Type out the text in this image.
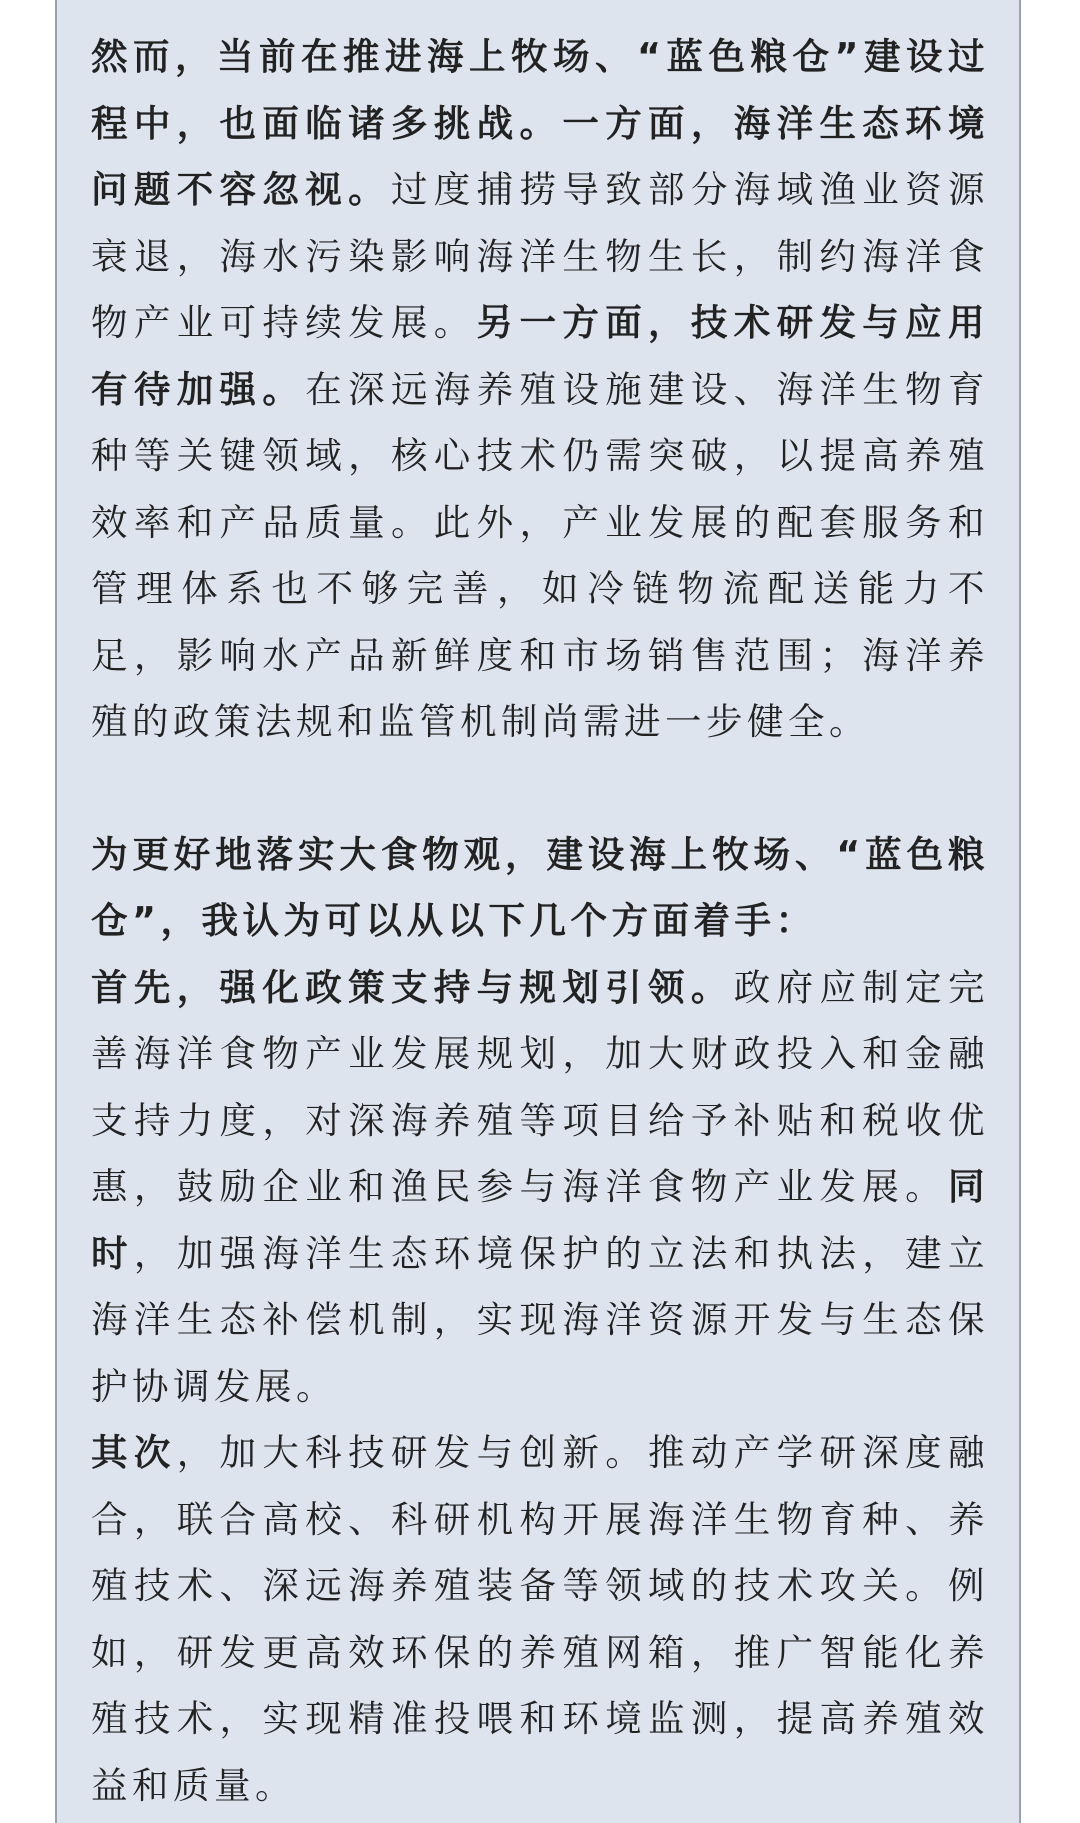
然而，当前在推进海上牧场、“蓝色粮仓”建设过程中，也面临诸多挑战。一方面，海洋生态环境问题不容忽视。过度捕捞导致部分海域渔业资源衰退，海水污染影响海洋生物生长，制约海洋食物产业可持续发展。另一方面，技术研发与应用有待加强。在深远海养殖设施建设、海洋生物育种等关键领域，核心技术仍需突破，以提高养殖效率和产品质量。此外，产业发展的配套服务和管理体系也不够完善，如冷链物流配送能力不足，影响水产品新鲜度和市场销售范围；海洋养殖的政策法规和监管机制尚需进一步健全。

为更好地落实大食物观，建设海上牧场、“蓝色粮仓”，我认为可以从以下几个方面着手：

首先，强化政策支持与规划引领。政府应制定完善海洋食物产业发展规划，加大财政投入和金融支持力度，对深海养殖等项目给予补贴和税收优惠，鼓励企业和渔民参与海洋食物产业发展。同时，加强海洋生态环境保护的立法和执法，建立海洋生态补偿机制，实现海洋资源开发与生态保护协调发展。

其次，加大科技研发与创新。推动产学研深度融合，联合高校、科研机构开展海洋生物育种、养殖技术、深远海养殖装备等领域的技术攻关。例如，研发更高效环保的养殖网箱，推广智能化养殖技术，实现精准投喂和环境监测，提高养殖效益和质量。
